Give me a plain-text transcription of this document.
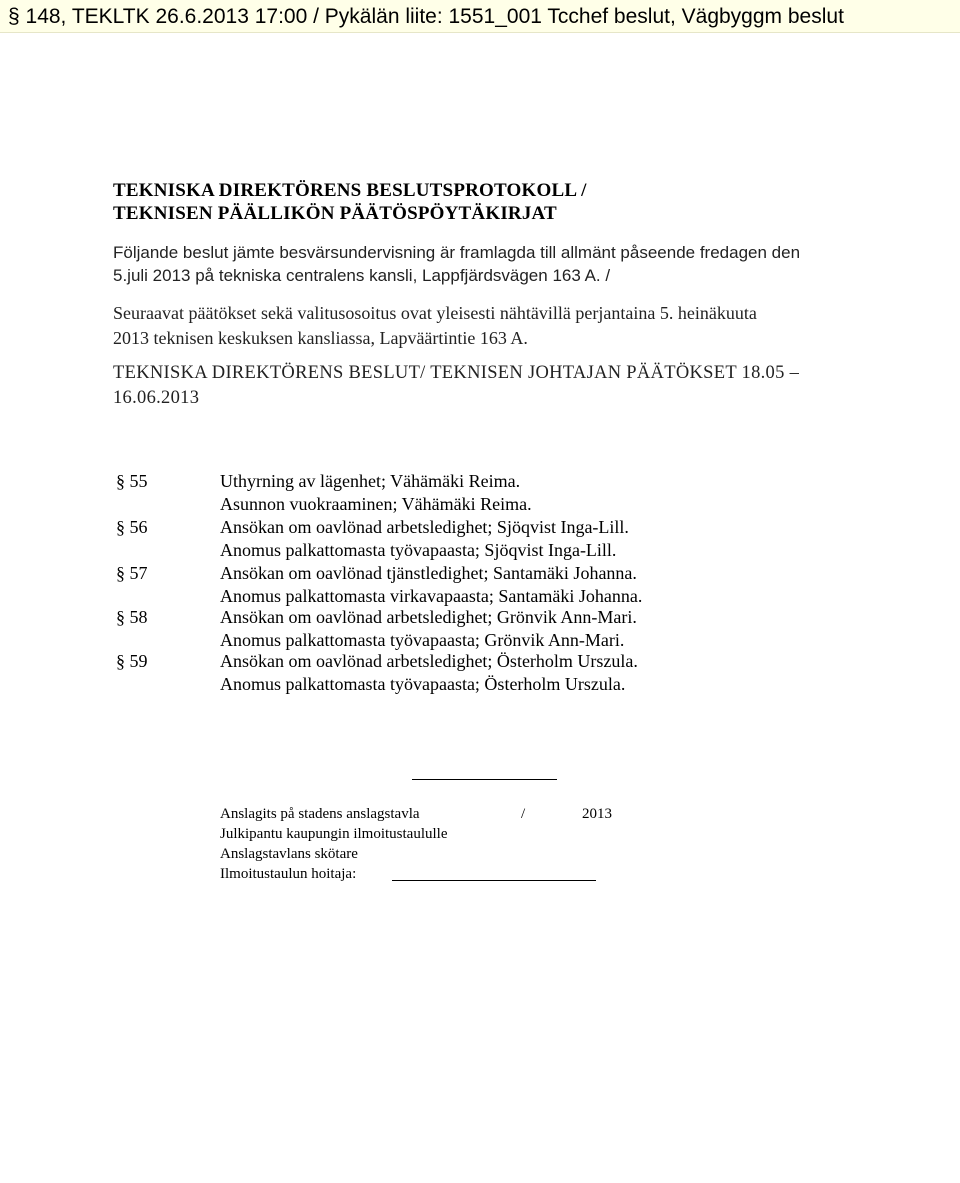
§ 148, TEKLTK 26.6.2013 17:00 / Pykälän liite: 1551_001 Tcchef beslut, Vägbyggm beslut
TEKNISKA DIREKTÖRENS BESLUTSPROTOKOLL /
TEKNISEN PÄÄLLIKÖN PÄÄTÖSPÖYTÄKIRJAT
Följande beslut jämte besvärsundervisning är framlagda till allmänt påseende fredagen den
5.juli 2013 på tekniska centralens kansli, Lappfjärdsvägen 163 A. /
Seuraavat päätökset sekä valitusosoitus ovat yleisesti nähtävillä perjantaina 5. heinäkuuta
2013 teknisen keskuksen kansliassa, Lapväärtintie 163 A.
TEKNISKA DIREKTÖRENS BESLUT/ TEKNISEN JOHTAJAN PÄÄTÖKSET 18.05 –
16.06.2013
§ 55	Uthyrning av lägenhet; Vähämäki Reima.
Asunnon vuokraaminen; Vähämäki Reima.
§ 56	Ansökan om oavlönad arbetsledighet; Sjöqvist Inga-Lill.
Anomus palkattomasta työvapaasta; Sjöqvist Inga-Lill.
§ 57	Ansökan om oavlönad tjänstledighet; Santamäki Johanna.
Anomus palkattomasta virkavapaasta; Santamäki Johanna.
§ 58	Ansökan om oavlönad arbetsledighet; Grönvik Ann-Mari.
Anomus palkattomasta työvapaasta; Grönvik Ann-Mari.
§ 59	Ansökan om oavlönad arbetsledighet; Österholm Urszula.
Anomus palkattomasta työvapaasta; Österholm Urszula.
Anslagits på stadens anslagstavla	/	2013
Julkipantu kaupungin ilmoitustaululle
Anslagstavlans skötare
Ilmoitustaulun hoitaja:
